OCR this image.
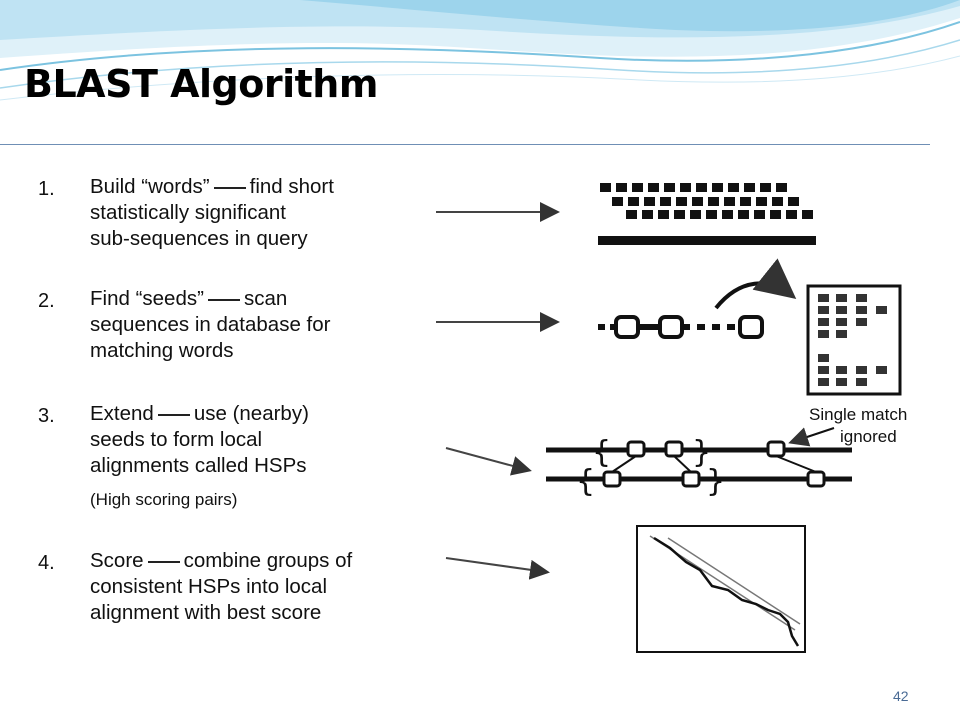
BLAST Algorithm
1. Build “words” find short
statistically significant
sub-sequences in query
2. Find “seeds” scan
sequences in database for
matching words
3. Extend use (nearby)
seeds to form local
alignments called HSPs
(High scoring pairs)
4. Score combine groups of
consistent HSPs into local
alignment with best score
{	}
{	}
Single match
ignored
42
